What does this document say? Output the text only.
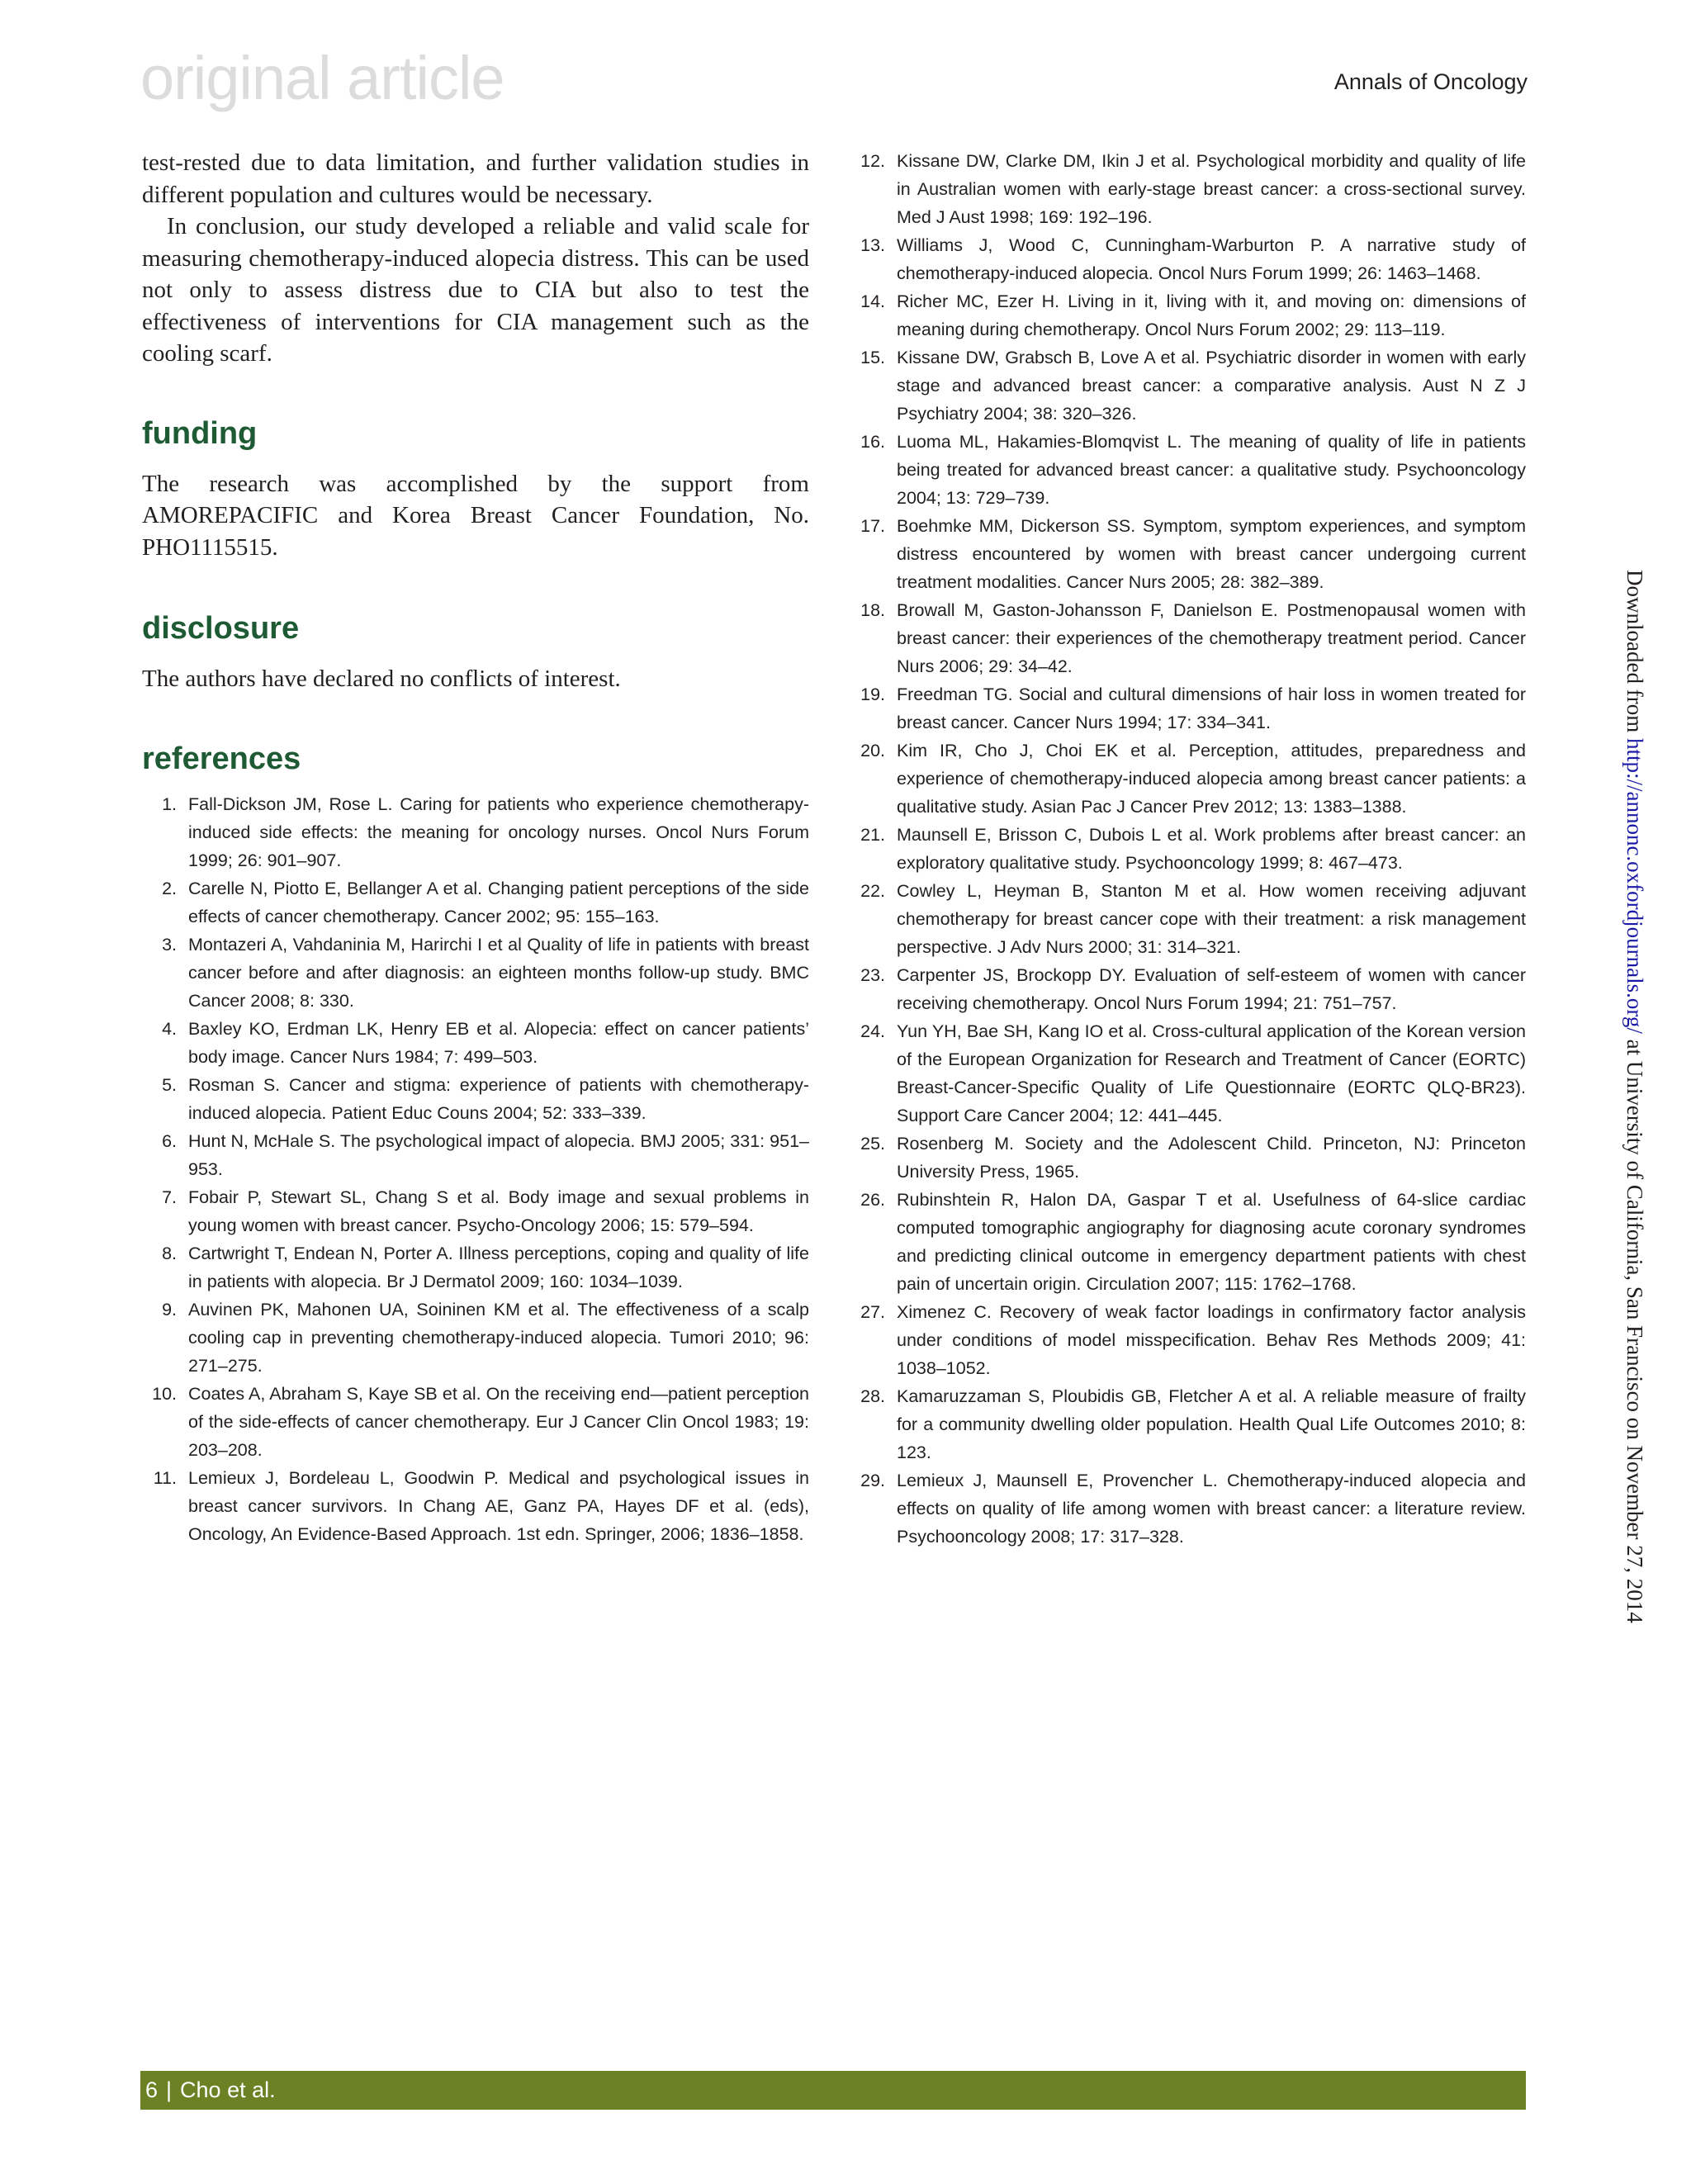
original article	Annals of Oncology

test-rested due to data limitation, and further validation studies in different population and cultures would be necessary.

In conclusion, our study developed a reliable and valid scale for measuring chemotherapy-induced alopecia distress. This can be used not only to assess distress due to CIA but also to test the effectiveness of interventions for CIA management such as the cooling scarf.

funding

The research was accomplished by the support from AMOREPACIFIC and Korea Breast Cancer Foundation, No. PHO1115515.

disclosure

The authors have declared no conflicts of interest.

references
1. Fall-Dickson JM, Rose L. Caring for patients who experience chemotherapy-induced side effects: the meaning for oncology nurses. Oncol Nurs Forum 1999; 26: 901–907.
2. Carelle N, Piotto E, Bellanger A et al. Changing patient perceptions of the side effects of cancer chemotherapy. Cancer 2002; 95: 155–163.
3. Montazeri A, Vahdaninia M, Harirchi I et al Quality of life in patients with breast cancer before and after diagnosis: an eighteen months follow-up study. BMC Cancer 2008; 8: 330.
4. Baxley KO, Erdman LK, Henry EB et al. Alopecia: effect on cancer patients’ body image. Cancer Nurs 1984; 7: 499–503.
5. Rosman S. Cancer and stigma: experience of patients with chemotherapy-induced alopecia. Patient Educ Couns 2004; 52: 333–339.
6. Hunt N, McHale S. The psychological impact of alopecia. BMJ 2005; 331: 951–953.
7. Fobair P, Stewart SL, Chang S et al. Body image and sexual problems in young women with breast cancer. Psycho-Oncology 2006; 15: 579–594.
8. Cartwright T, Endean N, Porter A. Illness perceptions, coping and quality of life in patients with alopecia. Br J Dermatol 2009; 160: 1034–1039.
9. Auvinen PK, Mahonen UA, Soininen KM et al. The effectiveness of a scalp cooling cap in preventing chemotherapy-induced alopecia. Tumori 2010; 96: 271–275.
10. Coates A, Abraham S, Kaye SB et al. On the receiving end—patient perception of the side-effects of cancer chemotherapy. Eur J Cancer Clin Oncol 1983; 19: 203–208.
11. Lemieux J, Bordeleau L, Goodwin P. Medical and psychological issues in breast cancer survivors. In Chang AE, Ganz PA, Hayes DF et al. (eds), Oncology, An Evidence-Based Approach. 1st edn. Springer, 2006; 1836–1858.
12. Kissane DW, Clarke DM, Ikin J et al. Psychological morbidity and quality of life in Australian women with early-stage breast cancer: a cross-sectional survey. Med J Aust 1998; 169: 192–196.
13. Williams J, Wood C, Cunningham-Warburton P. A narrative study of chemotherapy-induced alopecia. Oncol Nurs Forum 1999; 26: 1463–1468.
14. Richer MC, Ezer H. Living in it, living with it, and moving on: dimensions of meaning during chemotherapy. Oncol Nurs Forum 2002; 29: 113–119.
15. Kissane DW, Grabsch B, Love A et al. Psychiatric disorder in women with early stage and advanced breast cancer: a comparative analysis. Aust N Z J Psychiatry 2004; 38: 320–326.
16. Luoma ML, Hakamies-Blomqvist L. The meaning of quality of life in patients being treated for advanced breast cancer: a qualitative study. Psychooncology 2004; 13: 729–739.
17. Boehmke MM, Dickerson SS. Symptom, symptom experiences, and symptom distress encountered by women with breast cancer undergoing current treatment modalities. Cancer Nurs 2005; 28: 382–389.
18. Browall M, Gaston-Johansson F, Danielson E. Postmenopausal women with breast cancer: their experiences of the chemotherapy treatment period. Cancer Nurs 2006; 29: 34–42.
19. Freedman TG. Social and cultural dimensions of hair loss in women treated for breast cancer. Cancer Nurs 1994; 17: 334–341.
20. Kim IR, Cho J, Choi EK et al. Perception, attitudes, preparedness and experience of chemotherapy-induced alopecia among breast cancer patients: a qualitative study. Asian Pac J Cancer Prev 2012; 13: 1383–1388.
21. Maunsell E, Brisson C, Dubois L et al. Work problems after breast cancer: an exploratory qualitative study. Psychooncology 1999; 8: 467–473.
22. Cowley L, Heyman B, Stanton M et al. How women receiving adjuvant chemotherapy for breast cancer cope with their treatment: a risk management perspective. J Adv Nurs 2000; 31: 314–321.
23. Carpenter JS, Brockopp DY. Evaluation of self-esteem of women with cancer receiving chemotherapy. Oncol Nurs Forum 1994; 21: 751–757.
24. Yun YH, Bae SH, Kang IO et al. Cross-cultural application of the Korean version of the European Organization for Research and Treatment of Cancer (EORTC) Breast-Cancer-Specific Quality of Life Questionnaire (EORTC QLQ-BR23). Support Care Cancer 2004; 12: 441–445.
25. Rosenberg M. Society and the Adolescent Child. Princeton, NJ: Princeton University Press, 1965.
26. Rubinshtein R, Halon DA, Gaspar T et al. Usefulness of 64-slice cardiac computed tomographic angiography for diagnosing acute coronary syndromes and predicting clinical outcome in emergency department patients with chest pain of uncertain origin. Circulation 2007; 115: 1762–1768.
27. Ximenez C. Recovery of weak factor loadings in confirmatory factor analysis under conditions of model misspecification. Behav Res Methods 2009; 41: 1038–1052.
28. Kamaruzzaman S, Ploubidis GB, Fletcher A et al. A reliable measure of frailty for a community dwelling older population. Health Qual Life Outcomes 2010; 8: 123.
29. Lemieux J, Maunsell E, Provencher L. Chemotherapy-induced alopecia and effects on quality of life among women with breast cancer: a literature review. Psychooncology 2008; 17: 317–328.
Downloaded from http://annonc.oxfordjournals.org/ at University of California, San Francisco on November 27, 2014
6 | Cho et al.
